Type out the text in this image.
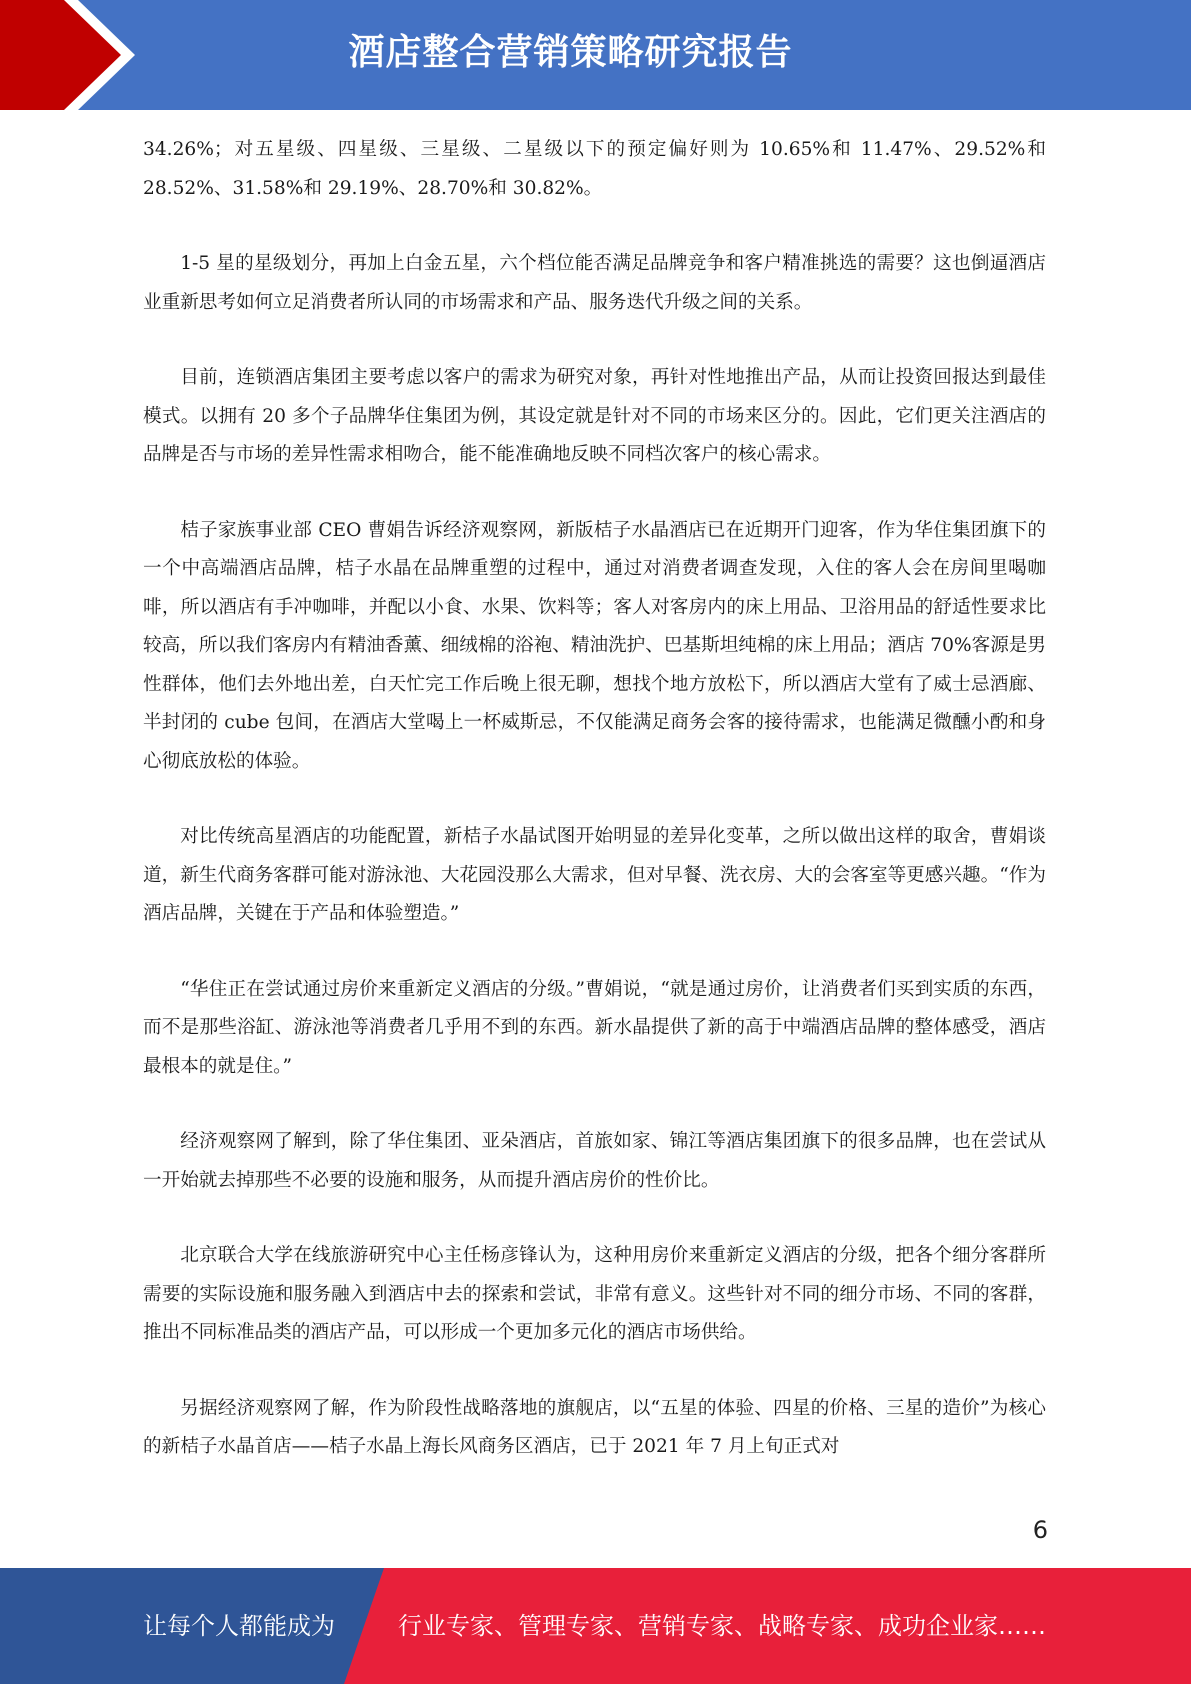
酒店整合营销策略研究报告

34.26%；对五星级、四星级、三星级、二星级以下的预定偏好则为 10.65%和 11.47%、29.52%和 28.52%、31.58%和 29.19%、28.70%和 30.82%。

1-5 星的星级划分，再加上白金五星，六个档位能否满足品牌竞争和客户精准挑选的需要？这也倒逼酒店业重新思考如何立足消费者所认同的市场需求和产品、服务迭代升级之间的关系。

目前，连锁酒店集团主要考虑以客户的需求为研究对象，再针对性地推出产品，从而让投资回报达到最佳模式。以拥有 20 多个子品牌华住集团为例，其设定就是针对不同的市场来区分的。因此，它们更关注酒店的品牌是否与市场的差异性需求相吻合，能不能准确地反映不同档次客户的核心需求。

桔子家族事业部 CEO 曹娟告诉经济观察网，新版桔子水晶酒店已在近期开门迎客，作为华住集团旗下的一个中高端酒店品牌，桔子水晶在品牌重塑的过程中，通过对消费者调查发现，入住的客人会在房间里喝咖啡，所以酒店有手冲咖啡，并配以小食、水果、饮料等；客人对客房内的床上用品、卫浴用品的舒适性要求比较高，所以我们客房内有精油香薰、细绒棉的浴袍、精油洗护、巴基斯坦纯棉的床上用品；酒店 70%客源是男性群体，他们去外地出差，白天忙完工作后晚上很无聊，想找个地方放松下，所以酒店大堂有了威士忌酒廊、半封闭的 cube 包间，在酒店大堂喝上一杯威斯忌，不仅能满足商务会客的接待需求，也能满足微醺小酌和身心彻底放松的体验。

对比传统高星酒店的功能配置，新桔子水晶试图开始明显的差异化变革，之所以做出这样的取舍，曹娟谈道，新生代商务客群可能对游泳池、大花园没那么大需求，但对早餐、洗衣房、大的会客室等更感兴趣。“作为酒店品牌，关键在于产品和体验塑造。”

“华住正在尝试通过房价来重新定义酒店的分级。”曹娟说，“就是通过房价，让消费者们买到实质的东西，而不是那些浴缸、游泳池等消费者几乎用不到的东西。新水晶提供了新的高于中端酒店品牌的整体感受，酒店最根本的就是住。”

经济观察网了解到，除了华住集团、亚朵酒店，首旅如家、锦江等酒店集团旗下的很多品牌，也在尝试从一开始就去掉那些不必要的设施和服务，从而提升酒店房价的性价比。

北京联合大学在线旅游研究中心主任杨彦锋认为，这种用房价来重新定义酒店的分级，把各个细分客群所需要的实际设施和服务融入到酒店中去的探索和尝试，非常有意义。这些针对不同的细分市场、不同的客群，推出不同标准品类的酒店产品，可以形成一个更加多元化的酒店市场供给。

另据经济观察网了解，作为阶段性战略落地的旗舰店，以“五星的体验、四星的价格、三星的造价”为核心的新桔子水晶首店——桔子水晶上海长风商务区酒店，已于 2021 年 7 月上旬正式对

6
让每个人都能成为	行业专家、管理专家、营销专家、战略专家、成功企业家……
